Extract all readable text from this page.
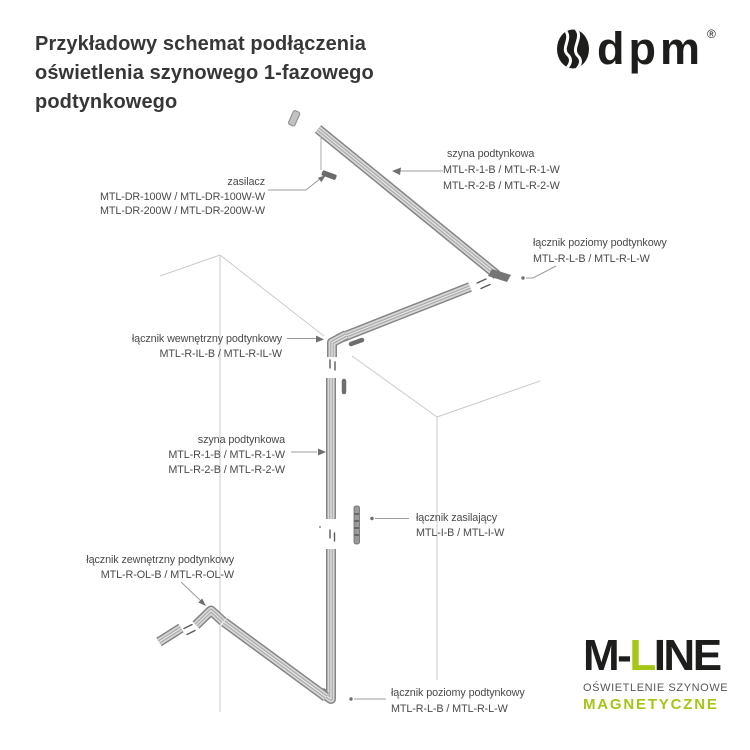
Przykładowy schemat podłączenia
oświetlenia szynowego 1-fazowego
podtynkowego
dpm ®
szyna podtynkowa
MTL-R-1-B / MTL-R-1-W
MTL-R-2-B / MTL-R-2-W
zasilacz
MTL-DR-100W / MTL-DR-100W-W
MTL-DR-200W / MTL-DR-200W-W
łącznik poziomy podtynkowy
MTL-R-L-B / MTL-R-L-W
łącznik wewnętrzny podtynkowy
MTL-R-IL-B / MTL-R-IL-W
szyna podtynkowa
MTL-R-1-B / MTL-R-1-W
MTL-R-2-B / MTL-R-2-W
łącznik zasilający
MTL-I-B / MTL-I-W
łącznik zewnętrzny podtynkowy
MTL-R-OL-B / MTL-R-OL-W
łącznik poziomy podtynkowy
MTL-R-L-B / MTL-R-L-W
M-LINE
OŚWIETLENIE SZYNOWE
MAGNETYCZNE
